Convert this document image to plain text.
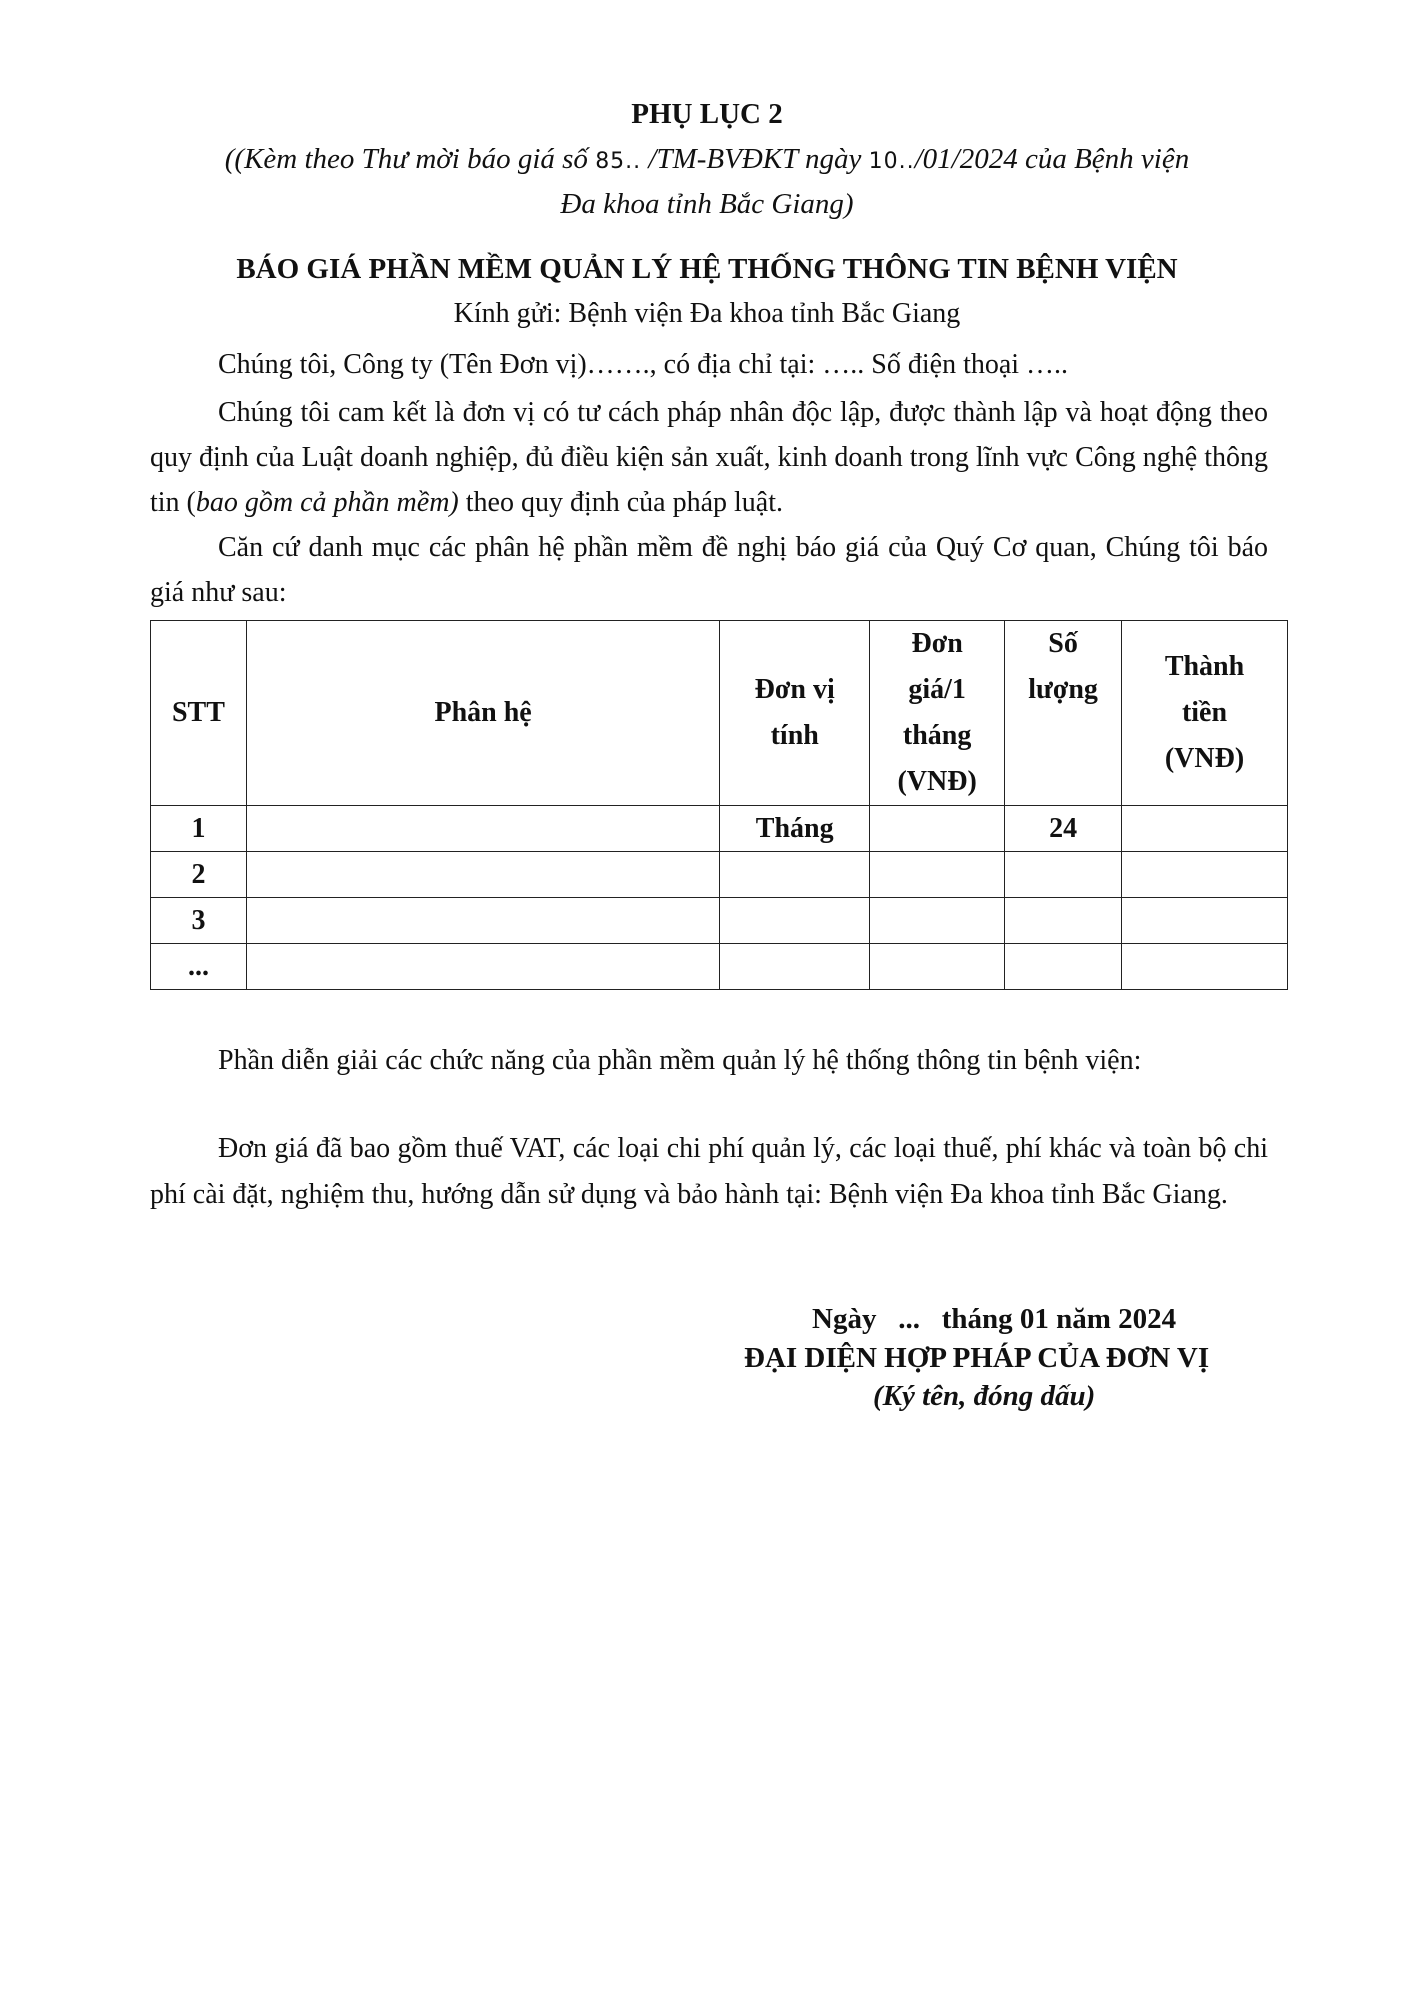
PHỤ LỤC 2
((Kèm theo Thư mời báo giá số 85.. /TM-BVĐKT ngày 10../01/2024 của Bệnh viện
Đa khoa tỉnh Bắc Giang)
BÁO GIÁ PHẦN MỀM QUẢN LÝ HỆ THỐNG THÔNG TIN BỆNH VIỆN
Kính gửi: Bệnh viện Đa khoa tỉnh Bắc Giang
Chúng tôi, Công ty (Tên Đơn vị)……., có địa chỉ tại: ….. Số điện thoại …..
Chúng tôi cam kết là đơn vị có tư cách pháp nhân độc lập, được thành lập và hoạt động theo quy định của Luật doanh nghiệp, đủ điều kiện sản xuất, kinh doanh trong lĩnh vực Công nghệ thông tin (bao gồm cả phần mềm) theo quy định của pháp luật.
Căn cứ danh mục các phân hệ phần mềm đề nghị báo giá của Quý Cơ quan, Chúng tôi báo giá như sau:
STT	Phân hệ	Đơn vị tính	Đơn giá/1 tháng (VNĐ)	Số lượng	Thành tiền (VNĐ)

1		Tháng		24	
2					
3					
...					
Phần diễn giải các chức năng của phần mềm quản lý hệ thống thông tin bệnh viện:
Đơn giá đã bao gồm thuế VAT, các loại chi phí quản lý, các loại thuế, phí khác và toàn bộ chi phí cài đặt, nghiệm thu, hướng dẫn sử dụng và bảo hành tại: Bệnh viện Đa khoa tỉnh Bắc Giang.
Ngày   ...   tháng 01 năm 2024
ĐẠI DIỆN HỢP PHÁP CỦA ĐƠN VỊ
(Ký tên, đóng dấu)
